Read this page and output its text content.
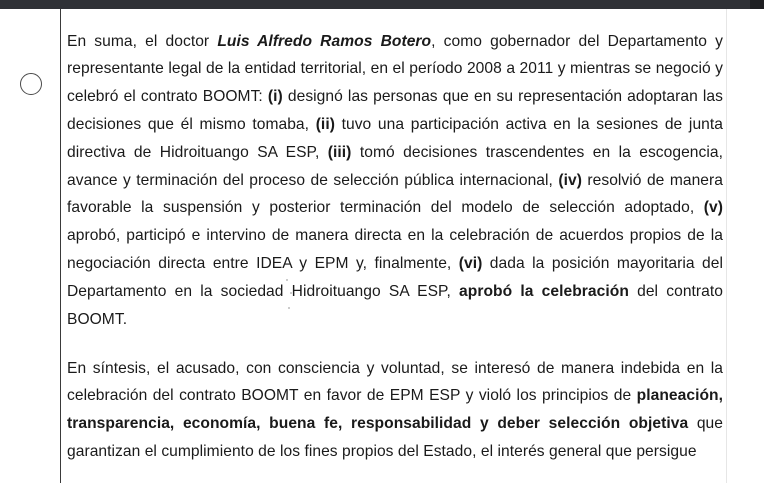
En suma, el doctor Luis Alfredo Ramos Botero, como gobernador del Departamento y representante legal de la entidad territorial, en el período 2008 a 2011 y mientras se negoció y celebró el contrato BOOMT: (i) designó las personas que en su representación adoptaran las decisiones que él mismo tomaba, (ii) tuvo una participación activa en la sesiones de junta directiva de Hidroituango SA ESP, (iii) tomó decisiones trascendentes en la escogencia, avance y terminación del proceso de selección pública internacional, (iv) resolvió de manera favorable la suspensión y posterior terminación del modelo de selección adoptado, (v) aprobó, participó e intervino de manera directa en la celebración de acuerdos propios de la negociación directa entre IDEA y EPM y, finalmente, (vi) dada la posición mayoritaria del Departamento en la sociedad Hidroituango SA ESP, aprobó la celebración del contrato BOOMT.

En síntesis, el acusado, con consciencia y voluntad, se interesó de manera indebida en la celebración del contrato BOOMT en favor de EPM ESP y violó los principios de planeación, transparencia, economía, buena fe, responsabilidad y deber selección objetiva que garantizan el cumplimiento de los fines propios del Estado, el interés general que persigue
